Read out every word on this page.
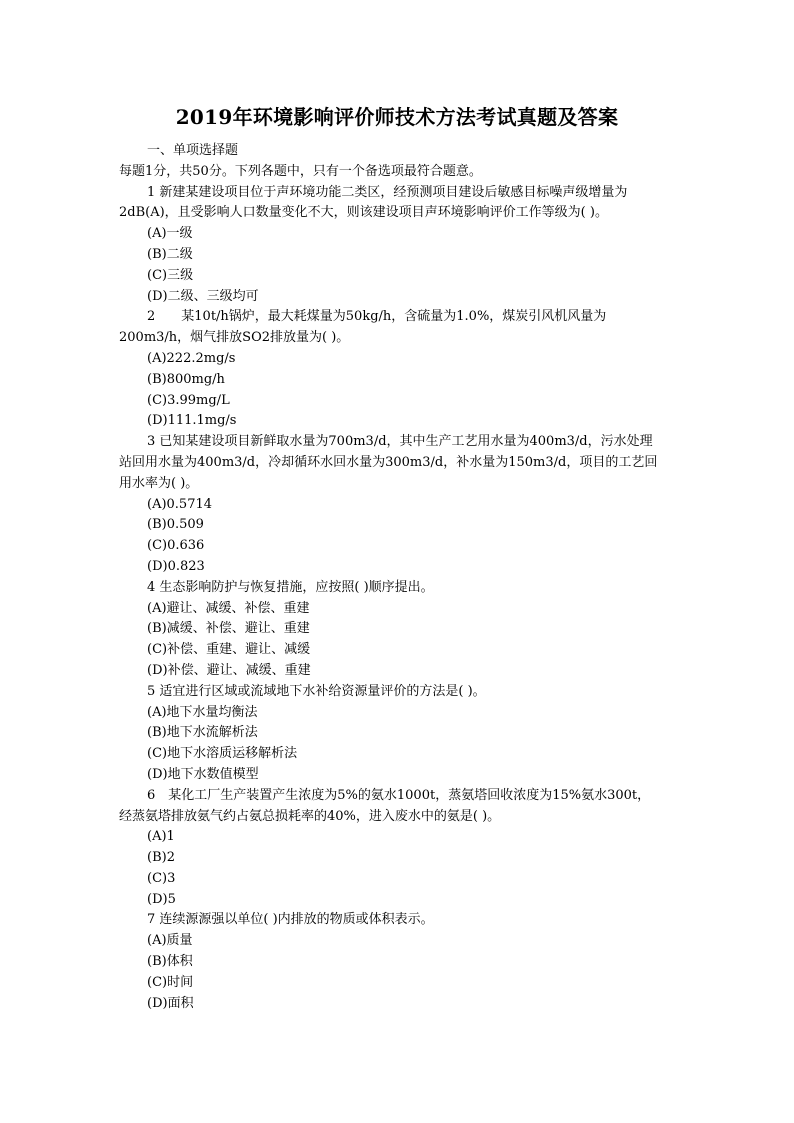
2019年环境影响评价师技术方法考试真题及答案

一、单项选择题

每题1分，共50分。下列各题中，只有一个备选项最符合题意。

1 新建某建设项目位于声环境功能二类区，经预测项目建设后敏感目标噪声级增量为

2dB(A)，且受影响人口数量变化不大，则该建设项目声环境影响评价工作等级为( )。

(A)一级

(B)二级

(C)三级

(D)二级、三级均可

2　　某10t/h锅炉，最大耗煤量为50kg/h，含硫量为1.0%，煤炭引风机风量为

200m3/h，烟气排放SO2排放量为( )。

(A)222.2mg/s

(B)800mg/h

(C)3.99mg/L

(D)111.1mg/s

3 已知某建设项目新鲜取水量为700m3/d，其中生产工艺用水量为400m3/d，污水处理

站回用水量为400m3/d，冷却循环水回水量为300m3/d，补水量为150m3/d，项目的工艺回

用水率为( )。

(A)0.5714

(B)0.509

(C)0.636

(D)0.823

4 生态影响防护与恢复措施，应按照( )顺序提出。

(A)避让、减缓、补偿、重建

(B)减缓、补偿、避让、重建

(C)补偿、重建、避让、减缓

(D)补偿、避让、减缓、重建

5 适宜进行区域或流域地下水补给资源量评价的方法是( )。

(A)地下水量均衡法

(B)地下水流解析法

(C)地下水溶质运移解析法

(D)地下水数值模型

6　某化工厂生产装置产生浓度为5%的氨水1000t，蒸氨塔回收浓度为15%氨水300t，

经蒸氨塔排放氨气约占氨总损耗率的40%，进入废水中的氨是( )。

(A)1

(B)2

(C)3

(D)5

7 连续源源强以单位( )内排放的物质或体积表示。

(A)质量

(B)体积

(C)时间

(D)面积
